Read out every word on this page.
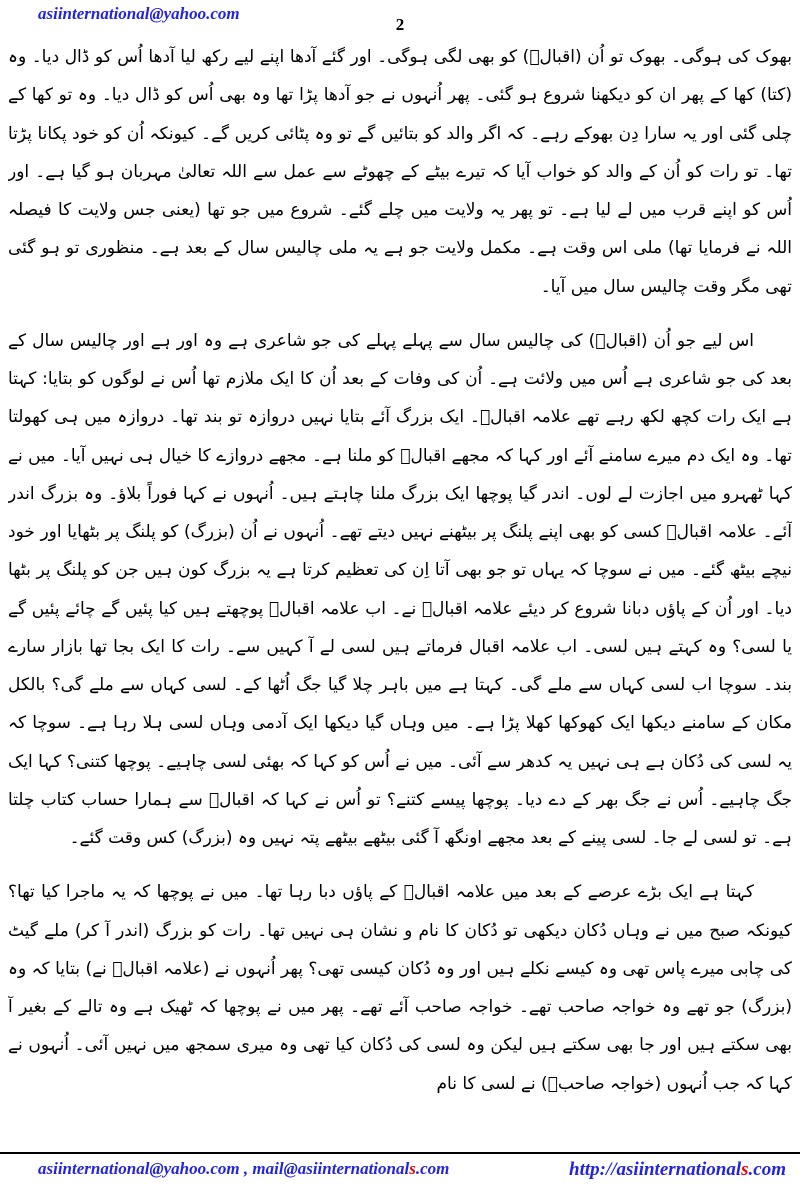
asiinternational@yahoo.com
2

بھوک کی ہوگی۔ بھوک تو اُن (اقبالؒ) کو بھی لگی ہوگی۔ اور گئے آدھا اپنے لیے رکھ لیا آدھا اُس کو ڈال دیا۔ وہ (کتا) کھا کے پھر ان کو دیکھنا شروع ہو گئی۔ پھر اُنہوں نے جو آدھا پڑا تھا وہ بھی اُس کو ڈال دیا۔ وہ تو کھا کے چلی گئی اور یہ سارا دِن بھوکے رہے۔ کہ اگر والد کو بتائیں گے تو وہ پٹائی کریں گے۔ کیونکہ اُن کو خود پکانا پڑتا تھا۔ تو رات کو اُن کے والد کو خواب آیا کہ تیرے بیٹے کے چھوٹے سے عمل سے اللہ تعالیٰ مہربان ہو گیا ہے۔ اور اُس کو اپنے قرب میں لے لیا ہے۔ تو پھر یہ ولایت میں چلے گئے۔ شروع میں جو تھا (یعنی جس ولایت کا فیصلہ اللہ نے فرمایا تھا) ملی اس وقت ہے۔ مکمل ولایت جو ہے یہ ملی چالیس سال کے بعد ہے۔ منظوری تو ہو گئی تھی مگر وقت چالیس سال میں آیا۔

اس لیے جو اُن (اقبالؒ) کی چالیس سال سے پہلے پہلے کی جو شاعری ہے وہ اور ہے اور چالیس سال کے بعد کی جو شاعری ہے اُس میں ولائت ہے۔ اُن کی وفات کے بعد اُن کا ایک ملازم تھا اُس نے لوگوں کو بتایا: کہتا ہے ایک رات کچھ لکھ رہے تھے علامہ اقبالؒ۔ ایک بزرگ آئے بتایا نہیں دروازہ تو بند تھا۔ دروازہ میں ہی کھولتا تھا۔ وہ ایک دم میرے سامنے آئے اور کہا کہ مجھے اقبالؒ کو ملنا ہے۔ مجھے دروازے کا خیال ہی نہیں آیا۔ میں نے کہا ٹھہرو میں اجازت لے لوں۔ اندر گیا پوچھا ایک بزرگ ملنا چاہتے ہیں۔ اُنہوں نے کہا فوراً بلاؤ۔ وہ بزرگ اندر آئے۔ علامہ اقبالؒ کسی کو بھی اپنے پلنگ پر بیٹھنے نہیں دیتے تھے۔ اُنہوں نے اُن (بزرگ) کو پلنگ پر بٹھایا اور خود نیچے بیٹھ گئے۔ میں نے سوچا کہ یہاں تو جو بھی آتا اِن کی تعظیم کرتا ہے یہ بزرگ کون ہیں جن کو پلنگ پر بٹھا دیا۔ اور اُن کے پاؤں دبانا شروع کر دیئے علامہ اقبالؒ نے۔ اب علامہ اقبالؒ پوچھتے ہیں کیا پئیں گے چائے پئیں گے یا لسی؟ وہ کہتے ہیں لسی۔ اب علامہ اقبال فرماتے ہیں لسی لے آ کہیں سے۔ رات کا ایک بجا تھا بازار سارے بند۔ سوچا اب لسی کہاں سے ملے گی۔ کہتا ہے میں باہر چلا گیا جگ اُٹھا کے۔ لسی کہاں سے ملے گی؟ بالکل مکان کے سامنے دیکھا ایک کھوکھا کھلا پڑا ہے۔ میں وہاں گیا دیکھا ایک آدمی وہاں لسی ہلا رہا ہے۔ سوچا کہ یہ لسی کی دُکان ہے ہی نہیں یہ کدھر سے آئی۔ میں نے اُس کو کہا کہ بھئی لسی چاہیے۔ پوچھا کتنی؟ کہا ایک جگ چاہیے۔ اُس نے جگ بھر کے دے دیا۔ پوچھا پیسے کتنے؟ تو اُس نے کہا کہ اقبالؒ سے ہمارا حساب کتاب چلتا ہے۔ تو لسی لے جا۔ لسی پینے کے بعد مجھے اونگھ آ گئی بیٹھے بیٹھے پتہ نہیں وہ (بزرگ) کس وقت گئے۔

کہتا ہے ایک بڑے عرصے کے بعد میں علامہ اقبالؒ کے پاؤں دبا رہا تھا۔ میں نے پوچھا کہ یہ ماجرا کیا تھا؟ کیونکہ صبح میں نے وہاں دُکان دیکھی تو دُکان کا نام و نشان ہی نہیں تھا۔ رات کو بزرگ (اندر آ کر) ملے گیٹ کی چابی میرے پاس تھی وہ کیسے نکلے ہیں اور وہ دُکان کیسی تھی؟ پھر اُنہوں نے (علامہ اقبالؒ نے) بتایا کہ وہ (بزرگ) جو تھے وہ خواجہ صاحب تھے۔ خواجہ صاحب آئے تھے۔ پھر میں نے پوچھا کہ ٹھیک ہے وہ تالے کے بغیر آ بھی سکتے ہیں اور جا بھی سکتے ہیں لیکن وہ لسی کی دُکان کیا تھی وہ میری سمجھ میں نہیں آئی۔ اُنہوں نے کہا کہ جب اُنہوں (خواجہ صاحبؒ) نے لسی کا نام

asiinternational@yahoo.com , mail@asiinternationals.com	http://asiinternationals.com
